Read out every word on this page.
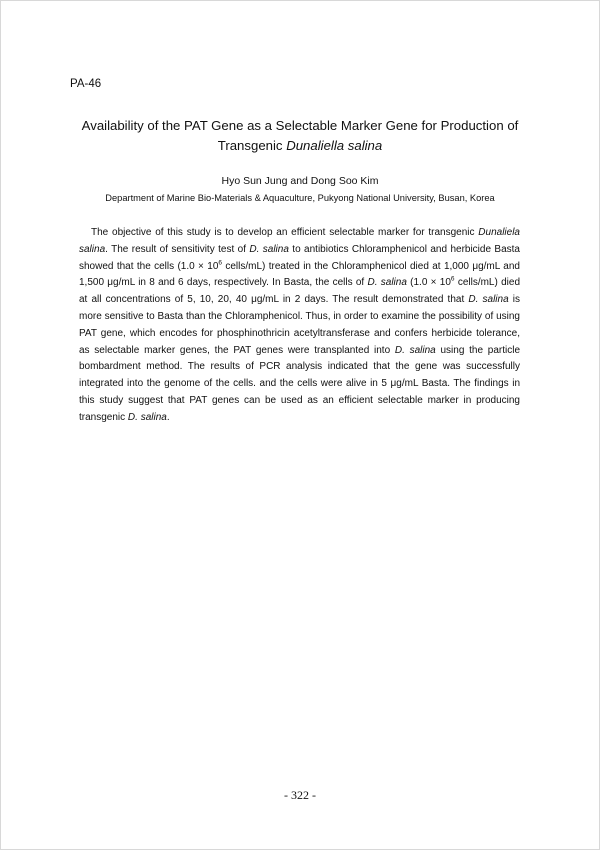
PA-46
Availability of the PAT Gene as a Selectable Marker Gene for Production of
Transgenic Dunaliella salina
Hyo Sun Jung and Dong Soo Kim
Department of Marine Bio-Materials & Aquaculture, Pukyong National University, Busan, Korea
The objective of this study is to develop an efficient selectable marker for transgenic Dunaliela salina. The result of sensitivity test of D. salina to antibiotics Chloramphenicol and herbicide Basta showed that the cells ($1.0 \times 10^6$ cells/mL) treated in the Chloramphenicol died at 1,000 μg/mL and 1,500 μg/mL in 8 and 6 days, respectively. In Basta, the cells of D. salina ($1.0 \times 10^6$ cells/mL) died at all concentrations of 5, 10, 20, 40 μg/mL in 2 days. The result demonstrated that D. salina is more sensitive to Basta than the Chloramphenicol. Thus, in order to examine the possibility of using PAT gene, which encodes for phosphinothricin acetyltransferase and confers herbicide tolerance, as selectable marker genes, the PAT genes were transplanted into D. salina using the particle bombardment method. The results of PCR analysis indicated that the gene was successfully integrated into the genome of the cells. and the cells were alive in 5 μg/mL Basta. The findings in this study suggest that PAT genes can be used as an efficient selectable marker in producing transgenic D. salina.
- 322 -
